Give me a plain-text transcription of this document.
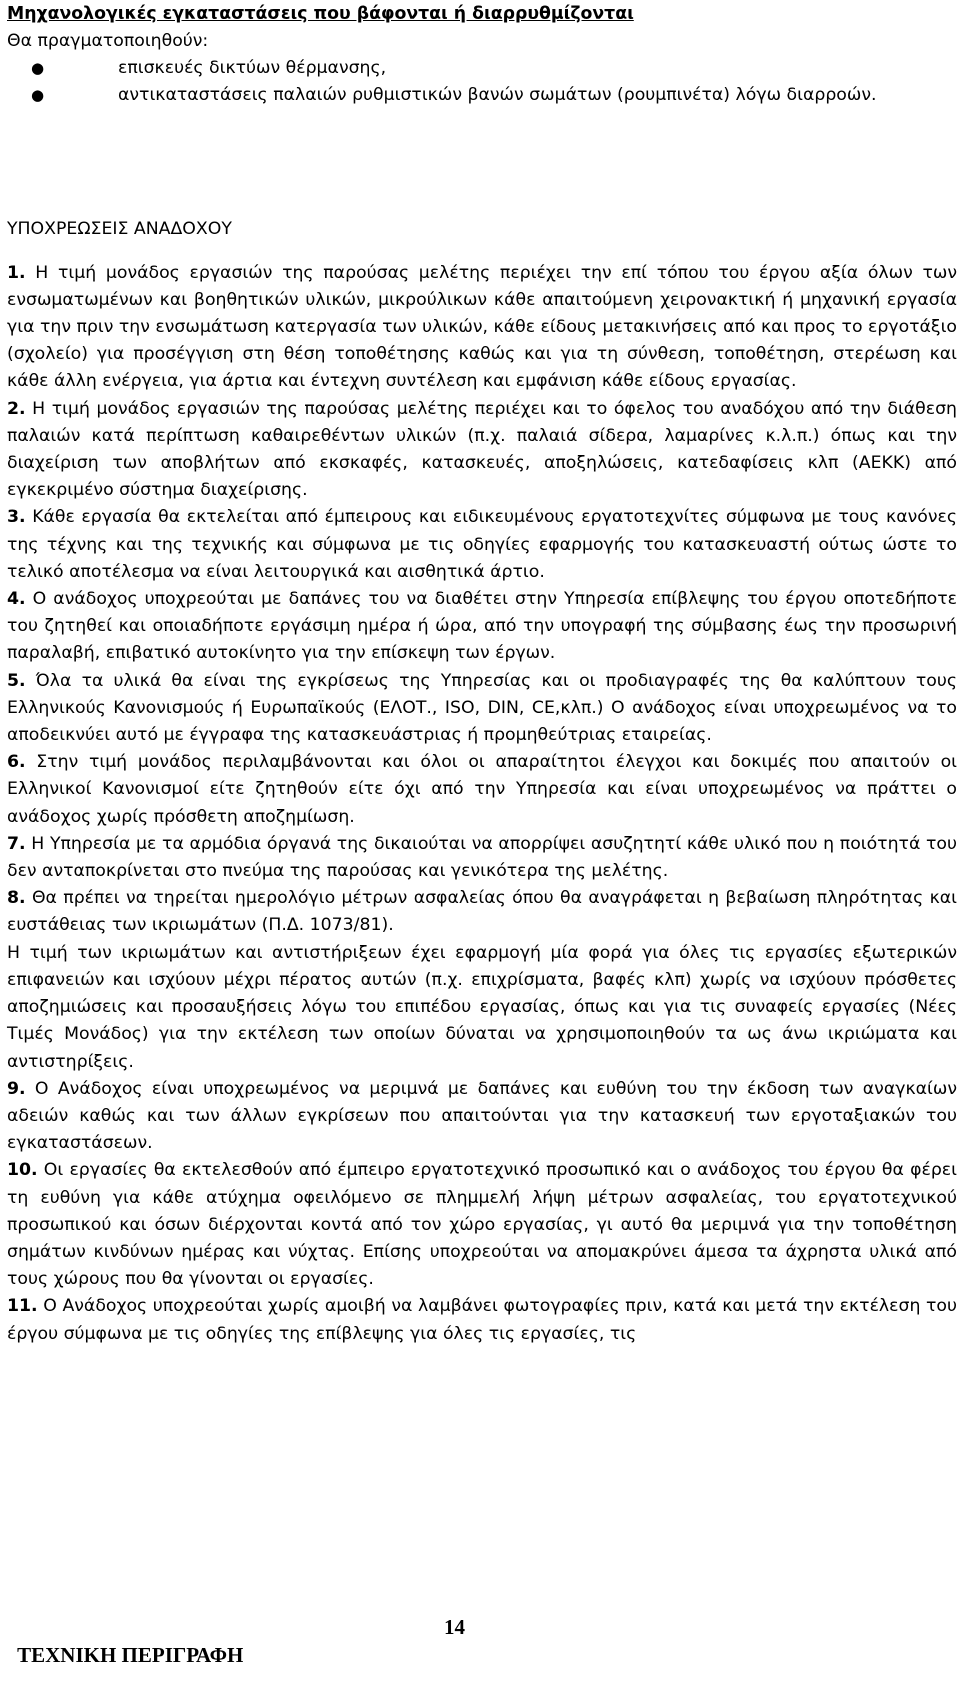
Μηχανολογικές εγκαταστάσεις που βάφονται ή διαρρυθμίζονται

Θα πραγματοποιηθούν:

●	επισκευές δικτύων θέρμανσης,
●	αντικαταστάσεις παλαιών ρυθμιστικών βανών σωμάτων (ρουμπινέτα) λόγω διαρροών.

ΥΠΟΧΡΕΩΣΕΙΣ ΑΝΑΔΟΧΟΥ

1. Η τιμή μονάδος εργασιών της παρούσας μελέτης περιέχει την επί τόπου του έργου αξία όλων των ενσωματωμένων και βοηθητικών υλικών, μικρούλικων κάθε απαιτούμενη χειρονακτική ή μηχανική εργασία για την πριν την ενσωμάτωση κατεργασία των υλικών, κάθε είδους μετακινήσεις από και προς το εργοτάξιο (σχολείο) για προσέγγιση στη θέση τοποθέτησης καθώς και για τη σύνθεση, τοποθέτηση, στερέωση και κάθε άλλη ενέργεια, για άρτια και έντεχνη συντέλεση και εμφάνιση κάθε είδους εργασίας.

2. Η τιμή μονάδος εργασιών της παρούσας μελέτης περιέχει και το όφελος του αναδόχου από την διάθεση παλαιών κατά περίπτωση καθαιρεθέντων υλικών (π.χ. παλαιά σίδερα, λαμαρίνες κ.λ.π.) όπως και την διαχείριση των αποβλήτων από εκσκαφές, κατασκευές, αποξηλώσεις, κατεδαφίσεις κλπ (ΑΕΚΚ) από εγκεκριμένο σύστημα διαχείρισης.

3. Κάθε εργασία θα εκτελείται από έμπειρους και ειδικευμένους εργατοτεχνίτες σύμφωνα με τους κανόνες της τέχνης και της τεχνικής και σύμφωνα με τις οδηγίες εφαρμογής του κατασκευαστή ούτως ώστε το τελικό αποτέλεσμα να είναι λειτουργικά και αισθητικά άρτιο.

4. Ο ανάδοχος υποχρεούται με δαπάνες του να διαθέτει στην Υπηρεσία επίβλεψης του έργου οποτεδήποτε του ζητηθεί και οποιαδήποτε εργάσιμη ημέρα ή ώρα, από την υπογραφή της σύμβασης έως την προσωρινή παραλαβή, επιβατικό αυτοκίνητο για την επίσκεψη των έργων.

5. Όλα τα υλικά θα είναι της εγκρίσεως της Υπηρεσίας και οι προδιαγραφές της θα καλύπτουν τους Ελληνικούς Κανονισμούς ή Ευρωπαϊκούς (ΕΛΟΤ., ISO, DIN, CE,κλπ.) Ο ανάδοχος είναι υποχρεωμένος να το αποδεικνύει αυτό με έγγραφα της κατασκευάστριας ή προμηθεύτριας εταιρείας.

6. Στην τιμή μονάδος περιλαμβάνονται και όλοι οι απαραίτητοι έλεγχοι και δοκιμές που απαιτούν οι Ελληνικοί Κανονισμοί είτε ζητηθούν είτε όχι από την Υπηρεσία και είναι υποχρεωμένος να πράττει ο ανάδοχος χωρίς πρόσθετη αποζημίωση.

7. Η Υπηρεσία με τα αρμόδια όργανά της δικαιούται να απορρίψει ασυζητητί κάθε υλικό που η ποιότητά του δεν ανταποκρίνεται στο πνεύμα της παρούσας και γενικότερα της μελέτης.

8. Θα πρέπει να τηρείται ημερολόγιο μέτρων ασφαλείας όπου θα αναγράφεται η βεβαίωση πληρότητας και ευστάθειας των ικριωμάτων (Π.Δ. 1073/81).

Η τιμή των ικριωμάτων και αντιστήριξεων έχει εφαρμογή μία φορά για όλες τις εργασίες εξωτερικών επιφανειών και ισχύουν μέχρι πέρατος αυτών (π.χ. επιχρίσματα, βαφές κλπ) χωρίς να ισχύουν πρόσθετες αποζημιώσεις και προσαυξήσεις λόγω του επιπέδου εργασίας, όπως και για τις συναφείς εργασίες (Νέες Τιμές Μονάδος) για την εκτέλεση των οποίων δύναται να χρησιμοποιηθούν τα ως άνω ικριώματα και αντιστηρίξεις.

9. Ο Ανάδοχος είναι υποχρεωμένος να μεριμνά με δαπάνες και ευθύνη του την έκδοση των αναγκαίων αδειών καθώς και των άλλων εγκρίσεων που απαιτούνται για την κατασκευή των εργοταξιακών του εγκαταστάσεων.

10. Οι εργασίες θα εκτελεσθούν από έμπειρο εργατοτεχνικό προσωπικό και ο ανάδοχος του έργου θα φέρει τη ευθύνη για κάθε ατύχημα οφειλόμενο σε πλημμελή λήψη μέτρων ασφαλείας, του εργατοτεχνικού προσωπικού και όσων διέρχονται κοντά από τον χώρο εργασίας, γι αυτό θα μεριμνά για την τοποθέτηση σημάτων κινδύνων ημέρας και νύχτας. Επίσης υποχρεούται να απομακρύνει άμεσα τα άχρηστα υλικά από τους χώρους που θα γίνονται οι εργασίες.

11. Ο Ανάδοχος υποχρεούται χωρίς αμοιβή να λαμβάνει φωτογραφίες πριν, κατά και μετά την εκτέλεση του έργου σύμφωνα με τις οδηγίες της επίβλεψης για όλες τις εργασίες, τις

ΤΕΧΝΙΚΗ ΠΕΡΙΓΡΑΦΗ

14
